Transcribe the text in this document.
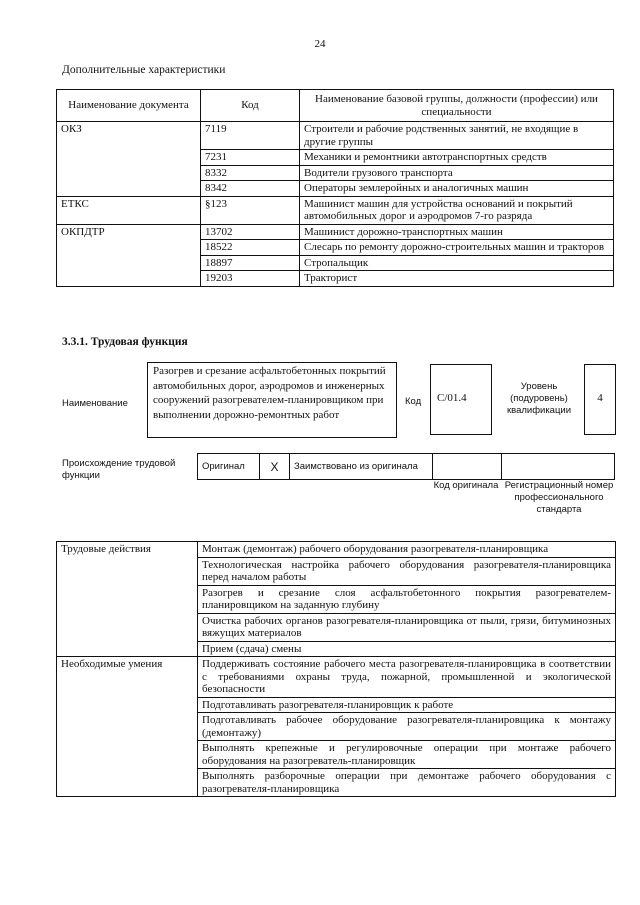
24
Дополнительные характеристики
Наименование документа	Код	Наименование базовой группы, должности (профессии) или специальности
ОКЗ	7119	Строители и рабочие родственных занятий, не входящие в другие группы
	7231	Механики и ремонтники автотранспортных средств
	8332	Водители грузового транспорта
	8342	Операторы землеройных и аналогичных машин
ЕТКС	§123	Машинист машин для устройства оснований и покрытий автомобильных дорог и аэродромов 7-го разряда
ОКПДТР	13702	Машинист дорожно-транспортных машин
	18522	Слесарь по ремонту дорожно-строительных машин и тракторов
	18897	Стропальщик
	19203	Тракторист
3.3.1. Трудовая функция
Наименование
Разогрев и срезание асфальтобетонных покрытий автомобильных дорог, аэродромов и инженерных сооружений разогревателем-планировщиком при выполнении дорожно-ремонтных работ
Код	С/01.4
Уровень (подуровень) квалификации
4
Происхождение трудовой функции
Оригинал	X	Заимствовано из оригинала		
Код оригинала Регистрационный номер профессионального стандарта
Трудовые действия	Монтаж (демонтаж) рабочего оборудования разогревателя-планировщика
	Технологическая настройка рабочего оборудования разогревателя-планировщика перед началом работы
	Разогрев и срезание слоя асфальтобетонного покрытия разогревателем-планировщиком на заданную глубину
	Очистка рабочих органов разогревателя-планировщика от пыли, грязи, битуминозных вяжущих материалов
	Прием (сдача) смены
Необходимые умения	Поддерживать состояние рабочего места разогревателя-планировщика в соответствии с требованиями охраны труда, пожарной, промышленной и экологической безопасности
	Подготавливать разогревателя-планировщик к работе
	Подготавливать рабочее оборудование разогревателя-планировщика к монтажу (демонтажу)
	Выполнять крепежные и регулировочные операции при монтаже рабочего оборудования на разогреватель-планировщик
	Выполнять разборочные операции при демонтаже рабочего оборудования с разогревателя-планировщика
